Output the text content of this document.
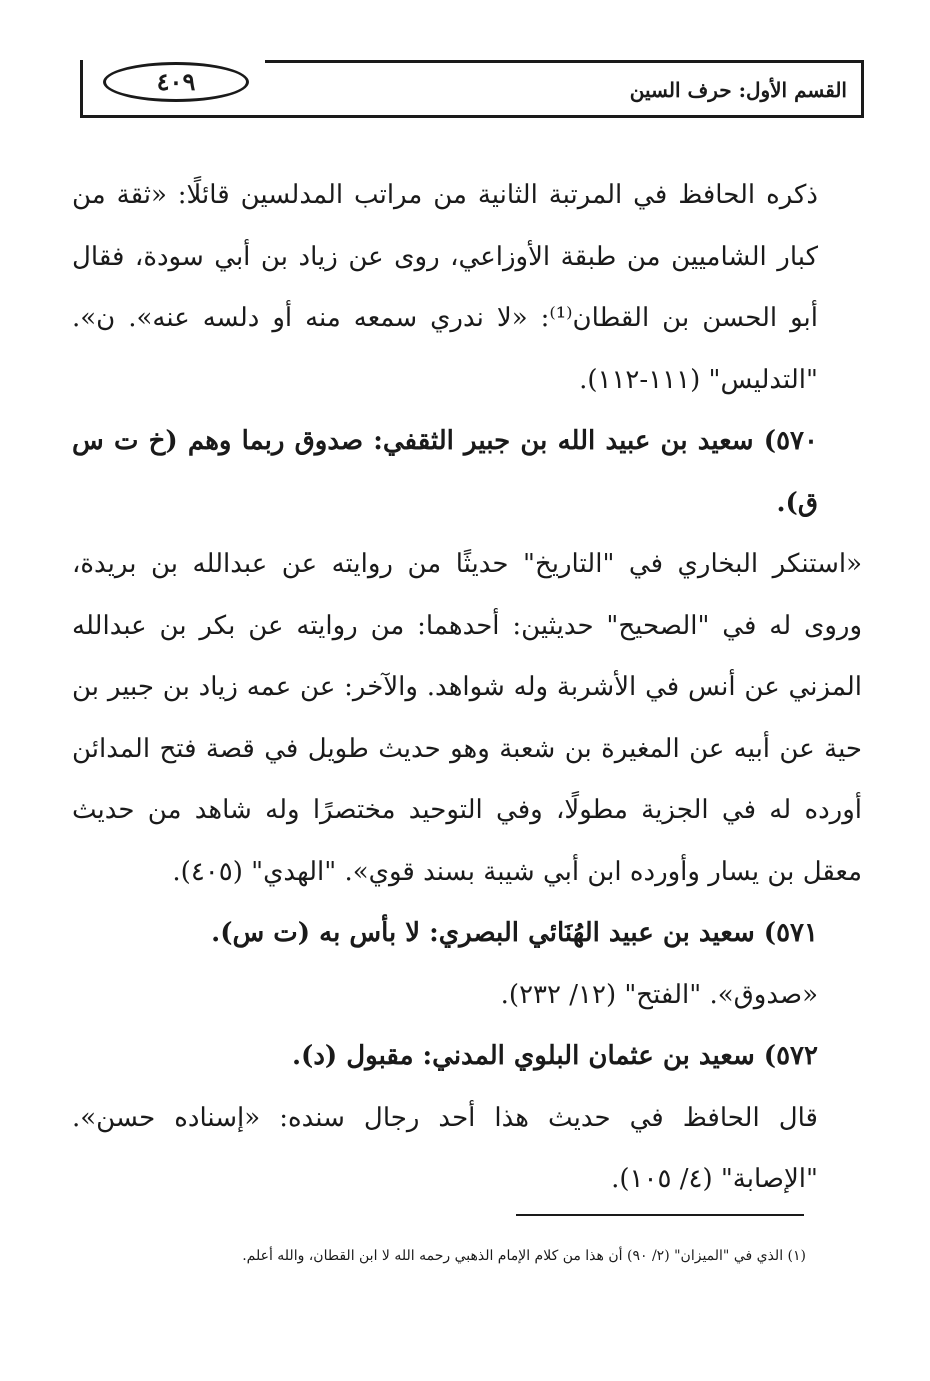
٤٠٩	القسم الأول: حرف السين

ذكره الحافظ في المرتبة الثانية من مراتب المدلسين قائلًا: «ثقة من كبار الشاميين من طبقة الأوزاعي، روى عن زياد بن أبي سودة، فقال أبو الحسن بن القطان⁽¹⁾: «لا ندري سمعه منه أو دلسه عنه». ن». "التدليس" (١١١-١١٢).

٥٧٠) سعيد بن عبيد الله بن جبير الثقفي: صدوق ربما وهم (خ ت س ق).

«استنكر البخاري في "التاريخ" حديثًا من روايته عن عبدالله بن بريدة، وروى له في "الصحيح" حديثين: أحدهما: من روايته عن بكر بن عبدالله المزني عن أنس في الأشربة وله شواهد. والآخر: عن عمه زياد بن جبير بن حية عن أبيه عن المغيرة بن شعبة وهو حديث طويل في قصة فتح المدائن أورده له في الجزية مطولًا، وفي التوحيد مختصرًا وله شاهد من حديث معقل بن يسار وأورده ابن أبي شيبة بسند قوي». "الهدي" (٤٠٥).

٥٧١) سعيد بن عبيد الهُنَائي البصري: لا بأس به (ت س).

«صدوق». "الفتح" (١٢/ ٢٣٢).

٥٧٢) سعيد بن عثمان البلوي المدني: مقبول (د).

قال الحافظ في حديث هذا أحد رجال سنده: «إسناده حسن». "الإصابة" (٤/ ١٠٥).

(١) الذي في "الميزان" (٢/ ٩٠) أن هذا من كلام الإمام الذهبي رحمه الله لا ابن القطان، والله أعلم.
